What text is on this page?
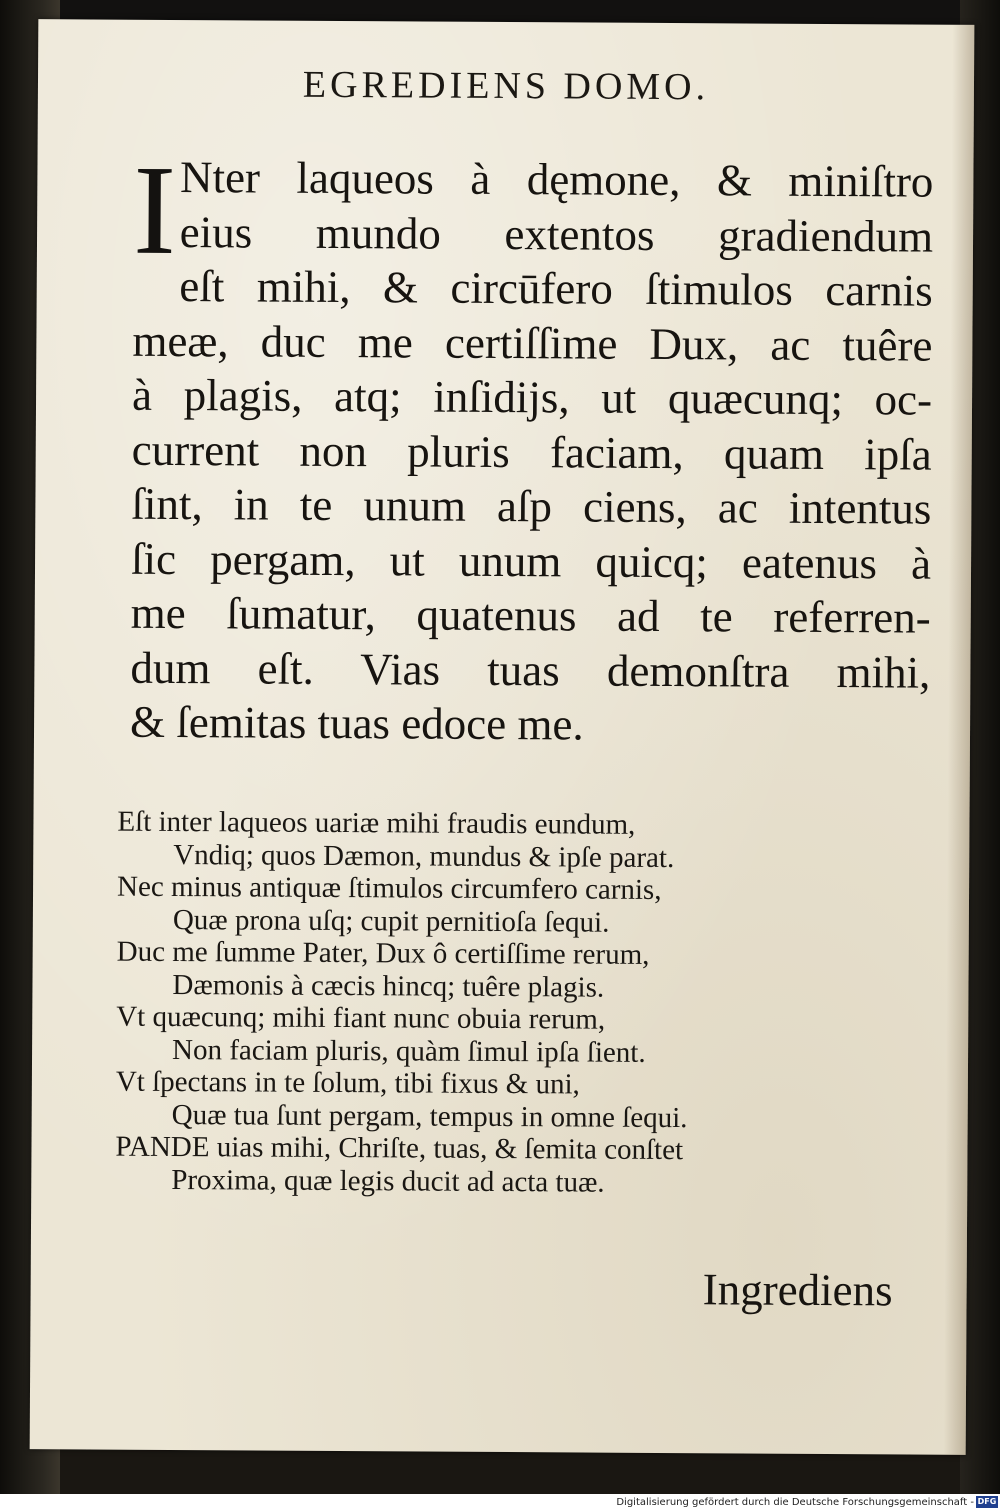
EGREDIENS DOMO.
I Nter laqueos à dęmone, & miniſtro
eius mundo extentos gradiendum
eſt mihi, & circūfero ſtimulos carnis
meæ, duc me certiſſime Dux, ac tuêre
à plagis, atq; inſidijs, ut quæcunq; oc-
current non pluris faciam, quam ipſa
ſint, in te unum aſp ciens, ac intentus
ſic pergam, ut unum quicq; eatenus à
me ſumatur, quatenus ad te referren-
dum eſt. Vias tuas demonſtra mihi,
& ſemitas tuas edoce me.
Eſt inter laqueos uariæ mihi fraudis eundum,
Vndiq; quos Dæmon, mundus & ipſe parat.
Nec minus antiquæ ſtimulos circumfero carnis,
Quæ prona uſq; cupit pernitioſa ſequi.
Duc me ſumme Pater, Dux ô certiſſime rerum,
Dæmonis à cæcis hincq; tuêre plagis.
Vt quæcunq; mihi fiant nunc obuia rerum,
Non faciam pluris, quàm ſimul ipſa ſient.
Vt ſpectans in te ſolum, tibi fixus & uni,
Quæ tua ſunt pergam, tempus in omne ſequi.
PANDE uias mihi, Chriſte, tuas, & ſemita conſtet
Proxima, quæ legis ducit ad acta tuæ.
Ingrediens
Digitalisierung gefördert durch die Deutsche Forschungsgemeinschaft - DFG
